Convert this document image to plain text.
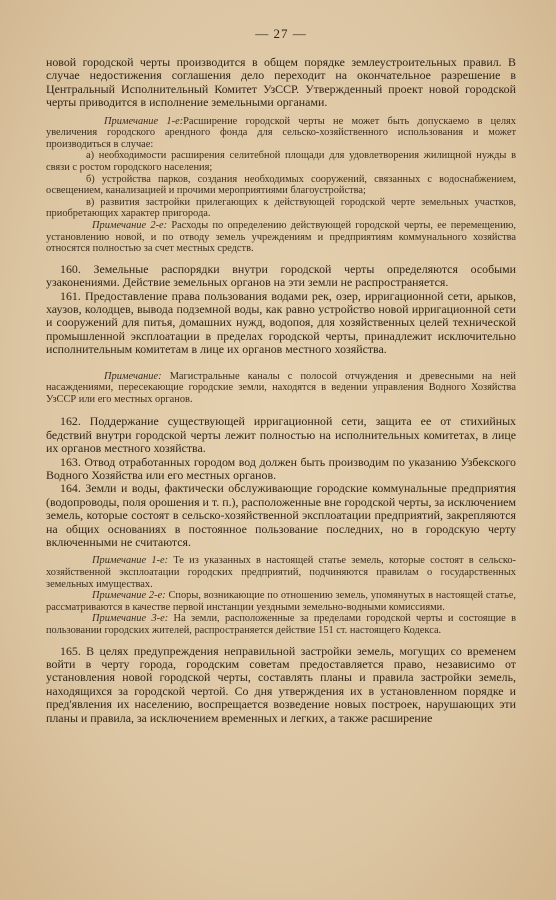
— 27 —

новой городской черты производится в общем порядке землеустроительных правил. В случае недостижения соглашения дело переходит на окончательное разрешение в Центральный Исполнительный Комитет УзССР. Утвержденный проект новой городской черты приводится в исполнение земельными органами.

Примечание 1-е:Расширение городской черты не может быть допускаемо в целях увеличения городского арендного фонда для сельско-хозяйственного использования и может производиться в случае:

а) необходимости расширения селитебной площади для удовлетворения жилищной нужды в связи с ростом городского населения;

б) устройства парков, создания необходимых сооружений, связанных с водоснабжением, освещением, канализацией и прочими мероприятиями благоустройства;

в) развития застройки прилегающих к действующей городской черте земельных участков, приобретающих характер пригорода.

Примечание 2-е: Расходы по определению действующей городской черты, ее перемещению, установлению новой, и по отводу земель учреждениям и предприятиям коммунального хозяйства относятся полностью за счет местных средств.

160. Земельные распорядки внутри городской черты определяются особыми узаконениями. Действие земельных органов на эти земли не распространяется.

161. Предоставление права пользования водами рек, озер, ирригационной сети, арыков, хаузов, колодцев, вывода подземной воды, как равно устройство новой ирригационной сети и сооружений для питья, домашних нужд, водопоя, для хозяйственных целей технической промышленной эксплоатации в пределах городской черты, принадлежит исключительно исполнительным комитетам в лице их органов местного хозяйства.

Примечание: Магистральные каналы с полосой отчуждения и древесными на ней насаждениями, пересекающие городские земли, находятся в ведении управления Водного Хозяйства УзССР или его местных органов.

162. Поддержание существующей ирригационной сети, защита ее от стихийных бедствий внутри городской черты лежит полностью на исполнительных комитетах, в лице их органов местного хозяйства.

163. Отвод отработанных городом вод должен быть производим по указанию Узбекского Водного Хозяйства или его местных органов.

164. Земли и воды, фактически обслуживающие городские коммунальные предприятия (водопроводы, поля орошения и т. п.), расположенные вне городской черты, за исключением земель, которые состоят в сельско-хозяйственной эксплоатации предприятий, закрепляются на общих основаниях в постоянное пользование последних, но в городскую черту включенными не считаются.

Примечание 1-е: Те из указанных в настоящей статье земель, которые состоят в сельско-хозяйственной эксплоатации городских предприятий, подчиняются правилам о государственных земельных имуществах.

Примечание 2-е: Споры, возникающие по отношению земель, упомянутых в настоящей статье, рассматриваются в качестве первой инстанции уездными земельно-водными комиссиями.

Примечание 3-е: На земли, расположенные за пределами городской черты и состоящие в пользовании городских жителей, распространяется действие 151 ст. настоящего Кодекса.

165. В целях предупреждения неправильной застройки земель, могущих со временем войти в черту города, городским советам предоставляется право, независимо от установления новой городской черты, составлять планы и правила застройки земель, находящихся за городской чертой. Со дня утверждения их в установленном порядке и пред'явления их населению, воспрещается возведение новых построек, нарушающих эти планы и правила, за исключением временных и легких, а также расширение
